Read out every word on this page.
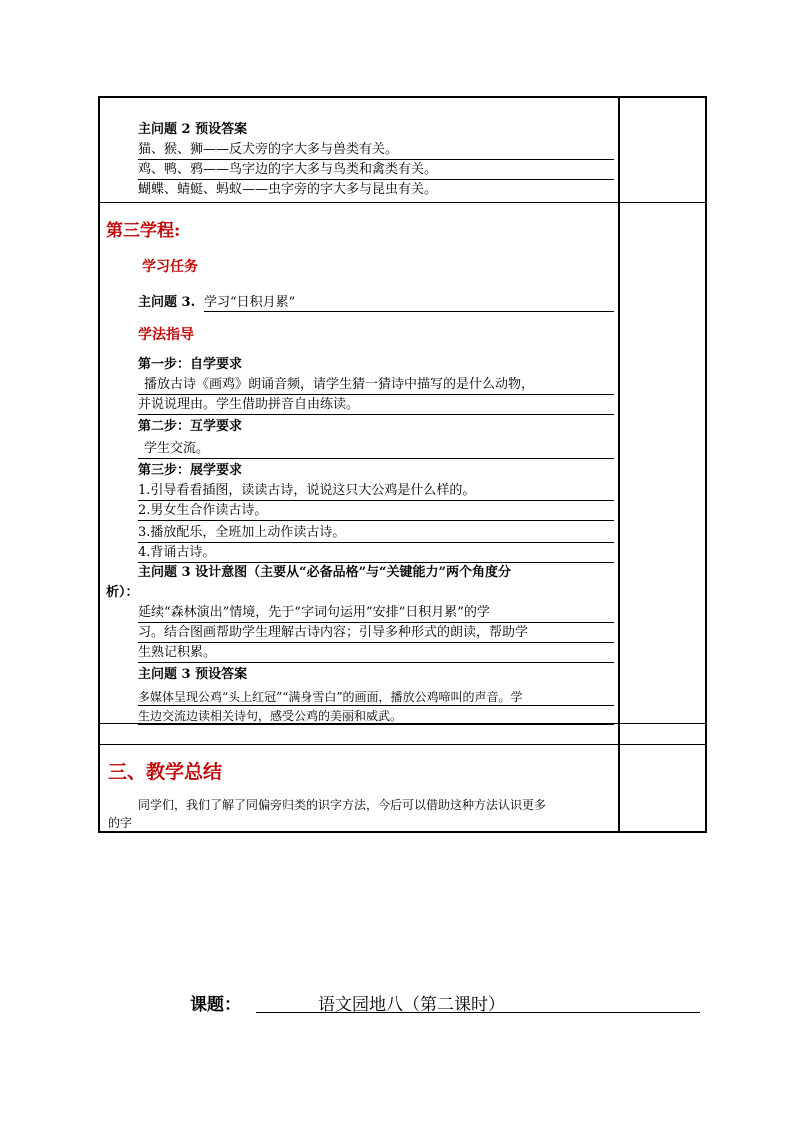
主问题 2 预设答案
猫、猴、狮——反犬旁的字大多与兽类有关。
鸡、鸭、鸦——鸟字边的字大多与鸟类和禽类有关。
蝴蝶、蜻蜓、蚂蚁——虫字旁的字大多与昆虫有关。
第三学程:
学习任务
主问题 3. 学习“日积月累”
学法指导
第一步：自学要求
播放古诗《画鸡》朗诵音频，请学生猜一猜诗中描写的是什么动物，
并说说理由。学生借助拼音自由练读。
第二步：互学要求
学生交流。
第三步：展学要求
1.引导看看插图，读读古诗，说说这只大公鸡是什么样的。
2.男女生合作读古诗。
3.播放配乐，全班加上动作读古诗。
4.背诵古诗。
主问题 3 设计意图（主要从“必备品格”与“关键能力”两个角度分
析）：
延续“森林演出”情境，先于“字词句运用”安排“日积月累”的学
习。结合图画帮助学生理解古诗内容；引导多种形式的朗读，帮助学
生熟记积累。
主问题 3 预设答案
多媒体呈现公鸡“头上红冠”“满身雪白”的画面，播放公鸡啼叫的声音。学
生边交流边读相关诗句，感受公鸡的美丽和威武。
三、教学总结
同学们，我们了解了同偏旁归类的识字方法，今后可以借助这种方法认识更多
的字
课题：	语文园地八（第二课时）
